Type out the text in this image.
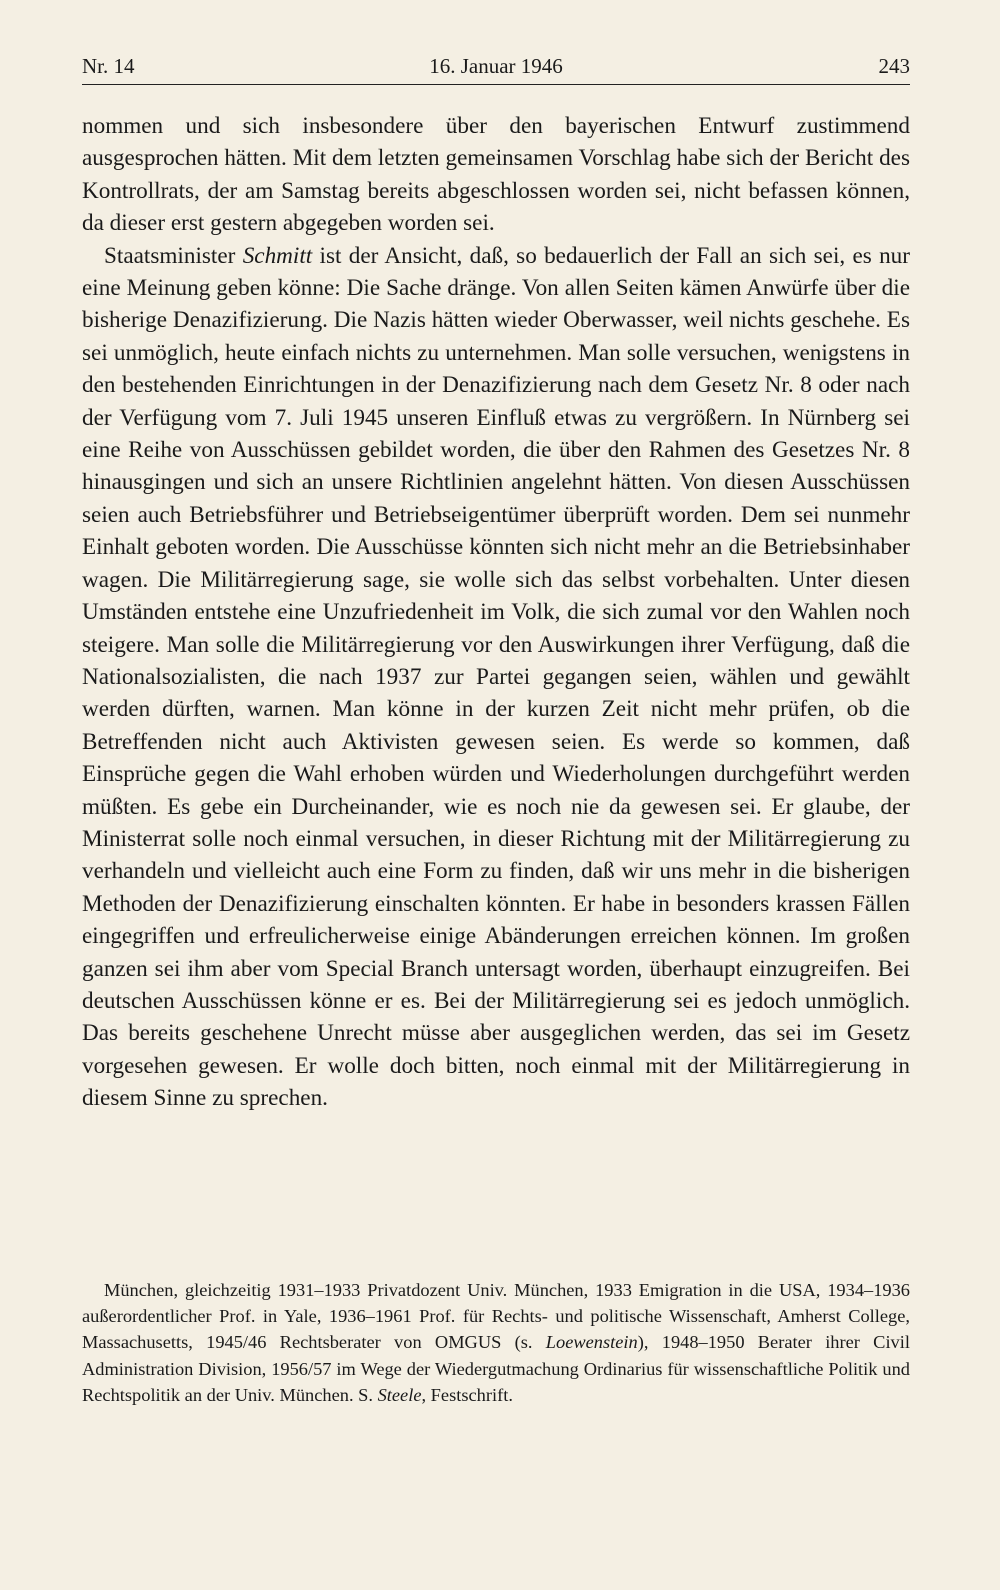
Nr. 14	16. Januar 1946	243

nommen und sich insbesondere über den bayerischen Entwurf zustimmend ausgesprochen hätten. Mit dem letzten gemeinsamen Vorschlag habe sich der Bericht des Kontrollrats, der am Samstag bereits abgeschlossen worden sei, nicht befassen können, da dieser erst gestern abgegeben worden sei.

Staatsminister Schmitt ist der Ansicht, daß, so bedauerlich der Fall an sich sei, es nur eine Meinung geben könne: Die Sache dränge. Von allen Seiten kämen Anwürfe über die bisherige Denazifizierung. Die Nazis hätten wieder Oberwasser, weil nichts geschehe. Es sei unmöglich, heute einfach nichts zu unternehmen. Man solle versuchen, wenigstens in den bestehenden Einrichtungen in der Denazifizierung nach dem Gesetz Nr. 8 oder nach der Verfügung vom 7. Juli 1945 unseren Einfluß etwas zu vergrößern. In Nürnberg sei eine Reihe von Ausschüssen gebildet worden, die über den Rahmen des Gesetzes Nr. 8 hinausgingen und sich an unsere Richtlinien angelehnt hätten. Von diesen Ausschüssen seien auch Betriebsführer und Betriebseigentümer überprüft worden. Dem sei nunmehr Einhalt geboten worden. Die Ausschüsse könnten sich nicht mehr an die Betriebsinhaber wagen. Die Militärregierung sage, sie wolle sich das selbst vorbehalten. Unter diesen Umständen entstehe eine Unzufriedenheit im Volk, die sich zumal vor den Wahlen noch steigere. Man solle die Militärregierung vor den Auswirkungen ihrer Verfügung, daß die Nationalsozialisten, die nach 1937 zur Partei gegangen seien, wählen und gewählt werden dürften, warnen. Man könne in der kurzen Zeit nicht mehr prüfen, ob die Betreffenden nicht auch Aktivisten gewesen seien. Es werde so kommen, daß Einsprüche gegen die Wahl erhoben würden und Wiederholungen durchgeführt werden müßten. Es gebe ein Durcheinander, wie es noch nie da gewesen sei. Er glaube, der Ministerrat solle noch einmal versuchen, in dieser Richtung mit der Militärregierung zu verhandeln und vielleicht auch eine Form zu finden, daß wir uns mehr in die bisherigen Methoden der Denazifizierung einschalten könnten. Er habe in besonders krassen Fällen eingegriffen und erfreulicherweise einige Abänderungen erreichen können. Im großen ganzen sei ihm aber vom Special Branch untersagt worden, überhaupt einzugreifen. Bei deutschen Ausschüssen könne er es. Bei der Militärregierung sei es jedoch unmöglich. Das bereits geschehene Unrecht müsse aber ausgeglichen werden, das sei im Gesetz vorgesehen gewesen. Er wolle doch bitten, noch einmal mit der Militärregierung in diesem Sinne zu sprechen.

München, gleichzeitig 1931–1933 Privatdozent Univ. München, 1933 Emigration in die USA, 1934–1936 außerordentlicher Prof. in Yale, 1936–1961 Prof. für Rechts- und politische Wissenschaft, Amherst College, Massachusetts, 1945/46 Rechtsberater von OMGUS (s. Loewenstein), 1948–1950 Berater ihrer Civil Administration Division, 1956/57 im Wege der Wiedergutmachung Ordinarius für wissenschaftliche Politik und Rechtspolitik an der Univ. München. S. Steele, Festschrift.
